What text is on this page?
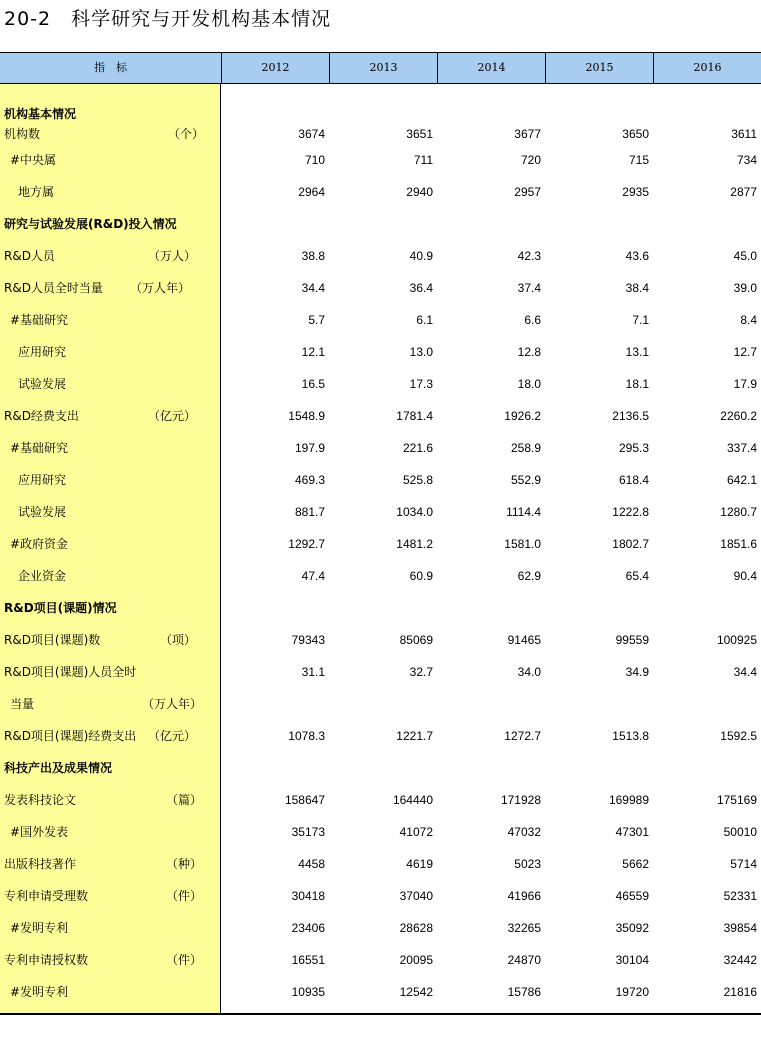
20-2　科学研究与开发机构基本情况
指　标	2012	2013	2014	2015	2016
机构基本情况
机构数	（个）	3674	3651	3677	3650	3611
#中央属	710	711	720	715	734
地方属	2964	2940	2957	2935	2877
研究与试验发展(R&D)投入情况
R&D人员	（万人）	38.8	40.9	42.3	43.6	45.0
R&D人员全时当量 （万人年）	34.4	36.4	37.4	38.4	39.0
#基础研究	5.7	6.1	6.6	7.1	8.4
应用研究	12.1	13.0	12.8	13.1	12.7
试验发展	16.5	17.3	18.0	18.1	17.9
R&D经费支出	（亿元）	1548.9	1781.4	1926.2	2136.5	2260.2
#基础研究	197.9	221.6	258.9	295.3	337.4
应用研究	469.3	525.8	552.9	618.4	642.1
试验发展	881.7	1034.0	1114.4	1222.8	1280.7
#政府资金	1292.7	1481.2	1581.0	1802.7	1851.6
企业资金	47.4	60.9	62.9	65.4	90.4
R&D项目(课题)情况
R&D项目(课题)数	（项）	79343	85069	91465	99559	100925
R&D项目(课题)人员全时	31.1	32.7	34.0	34.9	34.4
当量	（万人年）
R&D项目(课题)经费支出 （亿元）	1078.3	1221.7	1272.7	1513.8	1592.5
科技产出及成果情况
发表科技论文	（篇）	158647	164440	171928	169989	175169
#国外发表	35173	41072	47032	47301	50010
出版科技著作	（种）	4458	4619	5023	5662	5714
专利申请受理数	（件）	30418	37040	41966	46559	52331
#发明专利	23406	28628	32265	35092	39854
专利申请授权数	（件）	16551	20095	24870	30104	32442
#发明专利	10935	12542	15786	19720	21816
